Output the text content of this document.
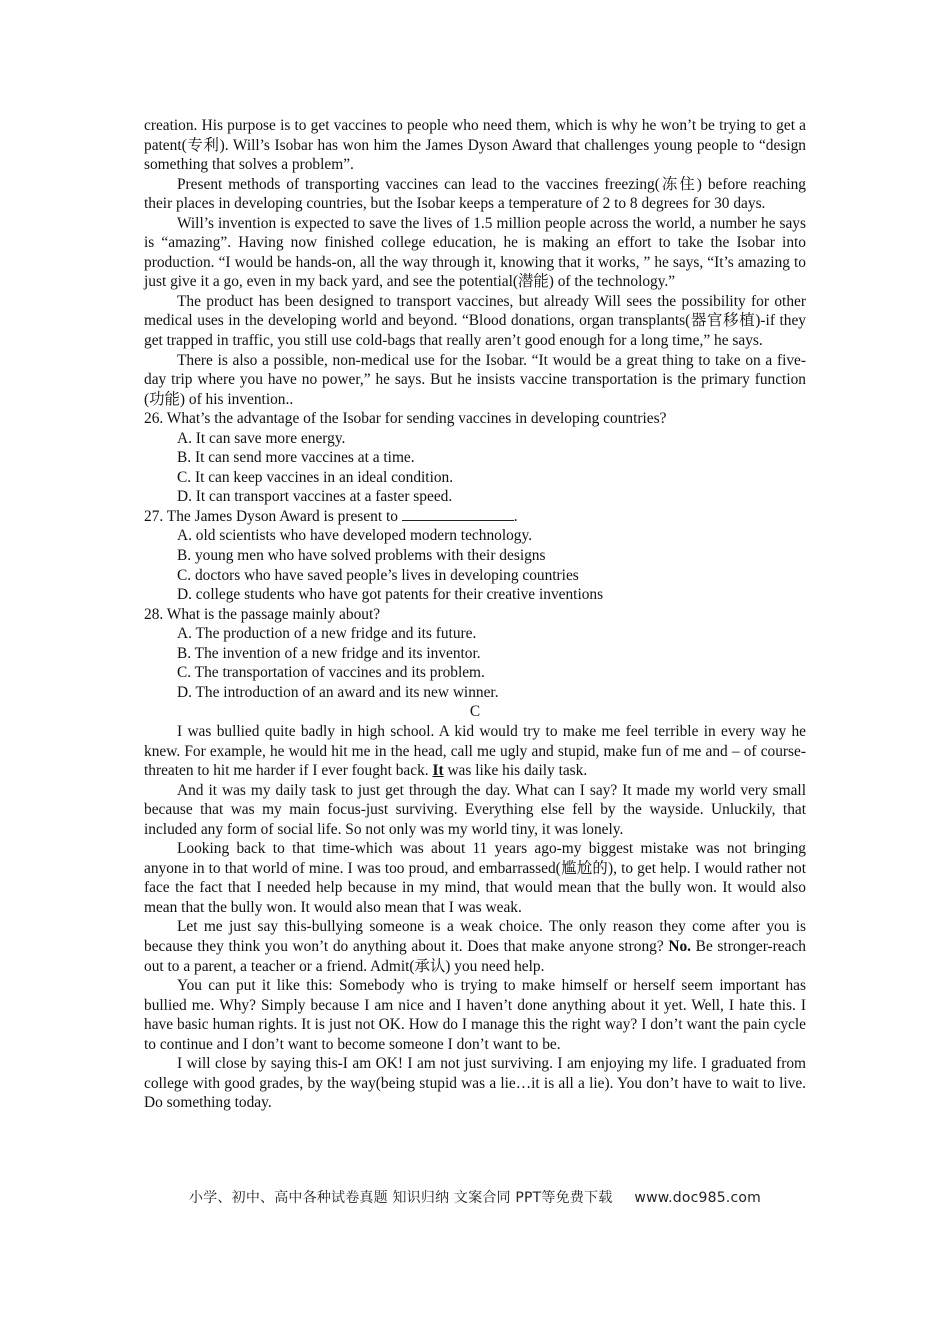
creation. His purpose is to get vaccines to people who need them, which is why he won’t be trying to get a patent(专利). Will’s Isobar has won him the James Dyson Award that challenges young people to “design something that solves a problem”.

Present methods of transporting vaccines can lead to the vaccines freezing(冻住) before reaching their places in developing countries, but the Isobar keeps a temperature of 2 to 8 degrees for 30 days.

Will’s invention is expected to save the lives of 1.5 million people across the world, a number he says is “amazing”. Having now finished college education, he is making an effort to take the Isobar into production. “I would be hands-on, all the way through it, knowing that it works, ” he says, “It’s amazing to just give it a go, even in my back yard, and see the potential(潜能) of the technology.”

The product has been designed to transport vaccines, but already Will sees the possibility for other medical uses in the developing world and beyond. “Blood donations, organ transplants(器官移植)-if they get trapped in traffic, you still use cold-bags that really aren’t good enough for a long time,” he says.

There is also a possible, non-medical use for the Isobar. “It would be a great thing to take on a five-day trip where you have no power,” he says. But he insists vaccine transportation is the primary function (功能) of his invention..

26. What’s the advantage of the Isobar for sending vaccines in developing countries?

A. It can save more energy.

B. It can send more vaccines at a time.

C. It can keep vaccines in an ideal condition.

D. It can transport vaccines at a faster speed.

27. The James Dyson Award is present to	.

A. old scientists who have developed modern technology.

B. young men who have solved problems with their designs

C. doctors who have saved people’s lives in developing countries

D. college students who have got patents for their creative inventions

28. What is the passage mainly about?

A. The production of a new fridge and its future.

B. The invention of a new fridge and its inventor.

C. The transportation of vaccines and its problem.

D. The introduction of an award and its new winner.

C

I was bullied quite badly in high school. A kid would try to make me feel terrible in every way he knew. For example, he would hit me in the head, call me ugly and stupid, make fun of me and – of course-threaten to hit me harder if I ever fought back. It was like his daily task.

And it was my daily task to just get through the day. What can I say? It made my world very small because that was my main focus-just surviving. Everything else fell by the wayside. Unluckily, that included any form of social life. So not only was my world tiny, it was lonely.

Looking back to that time-which was about 11 years ago-my biggest mistake was not bringing anyone in to that world of mine. I was too proud, and embarrassed(尴尬的), to get help. I would rather not face the fact that I needed help because in my mind, that would mean that the bully won. It would also mean that the bully won. It would also mean that I was weak.

Let me just say this-bullying someone is a weak choice. The only reason they come after you is because they think you won’t do anything about it. Does that make anyone strong? No. Be stronger-reach out to a parent, a teacher or a friend. Admit(承认) you need help.

You can put it like this: Somebody who is trying to make himself or herself seem important has bullied me. Why? Simply because I am nice and I haven’t done anything about it yet. Well, I hate this. I have basic human rights. It is just not OK. How do I manage this the right way? I don’t want the pain cycle to continue and I don’t want to become someone I don’t want to be.

I will close by saying this-I am OK! I am not just surviving. I am enjoying my life. I graduated from college with good grades, by the way(being stupid was a lie…it is all a lie). You don’t have to wait to live. Do something today.

小学、初中、高中各种试卷真题 知识归纳 文案合同 PPT等免费下载 www.doc985.com
